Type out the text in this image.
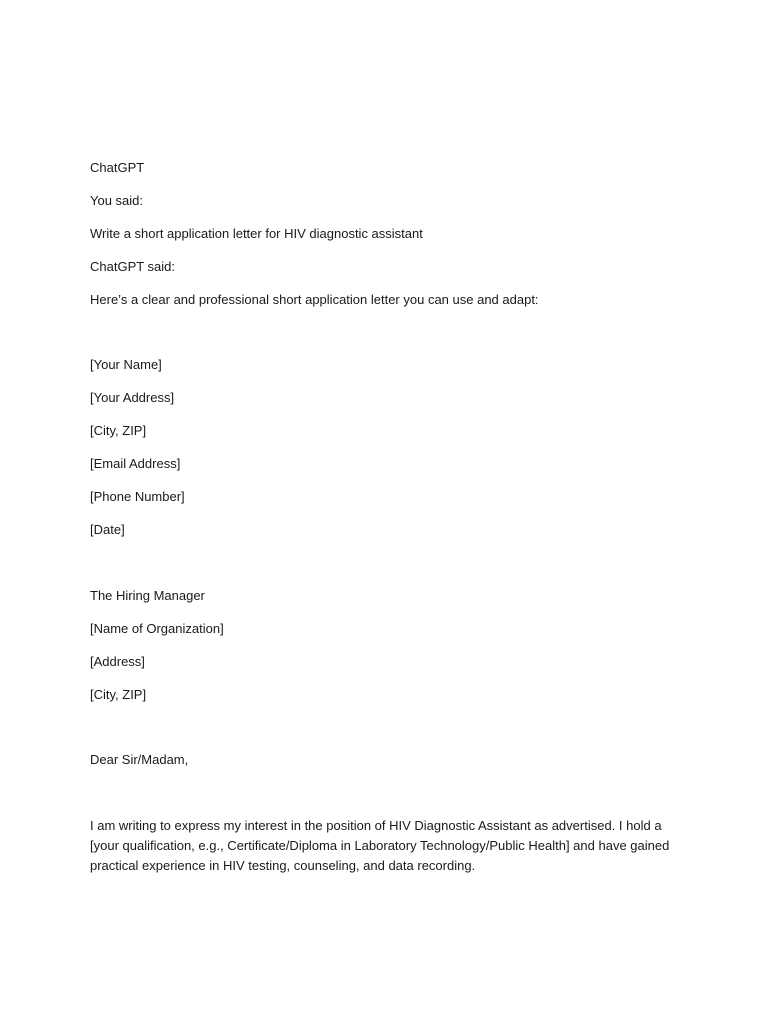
ChatGPT
You said:
Write a short application letter for HIV diagnostic assistant
ChatGPT said:
Here’s a clear and professional short application letter you can use and adapt:
[Your Name]
[Your Address]
[City, ZIP]
[Email Address]
[Phone Number]
[Date]
The Hiring Manager
[Name of Organization]
[Address]
[City, ZIP]
Dear Sir/Madam,
I am writing to express my interest in the position of HIV Diagnostic Assistant as advertised. I hold a
[your qualification, e.g., Certificate/Diploma in Laboratory Technology/Public Health] and have gained
practical experience in HIV testing, counseling, and data recording.
